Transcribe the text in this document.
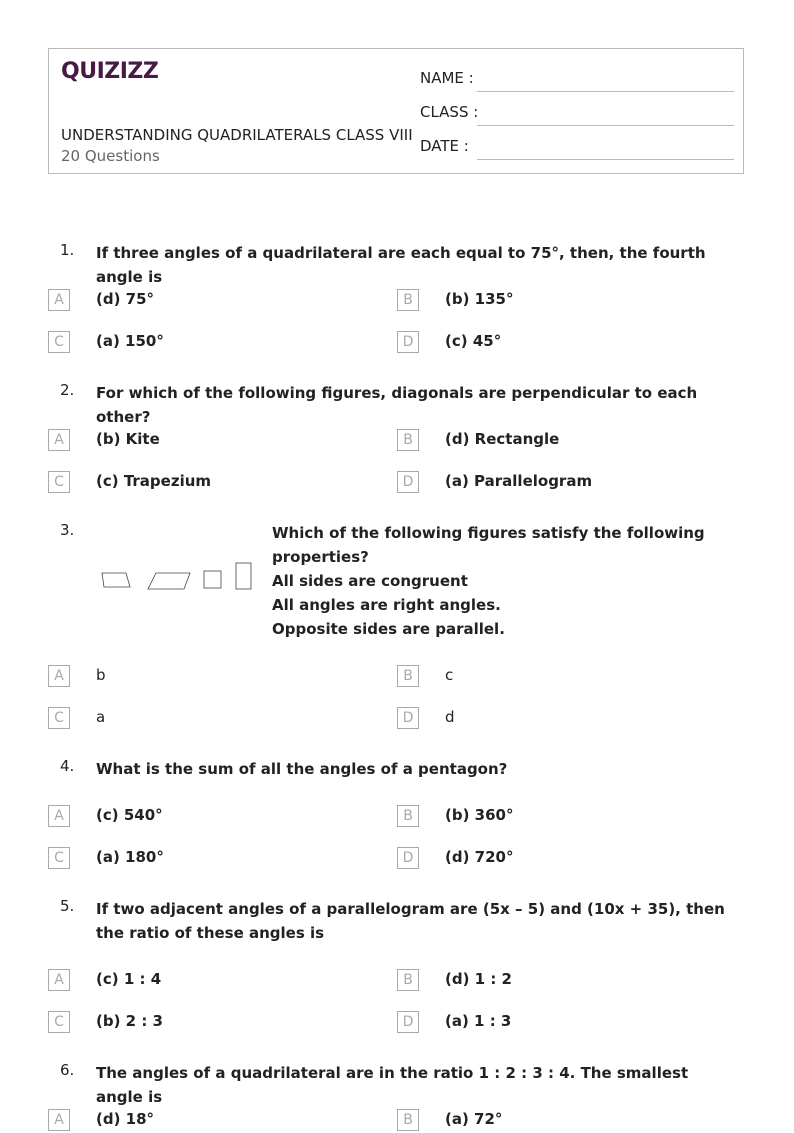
QUIZIZZ
UNDERSTANDING QUADRILATERALS CLASS VIII
20 Questions
NAME :
CLASS :
DATE :
1. If three angles of a quadrilateral are each equal to 75°, then, the fourth angle is
A	(d) 75°	B	(b) 135°
C	(a) 150°	D	(c) 45°
2. For which of the following figures, diagonals are perpendicular to each other?
A	(b) Kite	B	(d) Rectangle
C	(c) Trapezium	D	(a) Parallelogram
3.	Which of the following figures satisfy the following properties?
All sides are congruent
All angles are right angles.
Opposite sides are parallel.
A	b	B	c
C	a	D	d
4. What is the sum of all the angles of a pentagon?
A	(c) 540°	B	(b) 360°
C	(a) 180°	D	(d) 720°
5. If two adjacent angles of a parallelogram are (5x – 5) and (10x + 35), then the ratio of these angles is
A	(c) 1 : 4	B	(d) 1 : 2
C	(b) 2 : 3	D	(a) 1 : 3
6. The angles of a quadrilateral are in the ratio 1 : 2 : 3 : 4. The smallest angle is
A	(d) 18°	B	(a) 72°
